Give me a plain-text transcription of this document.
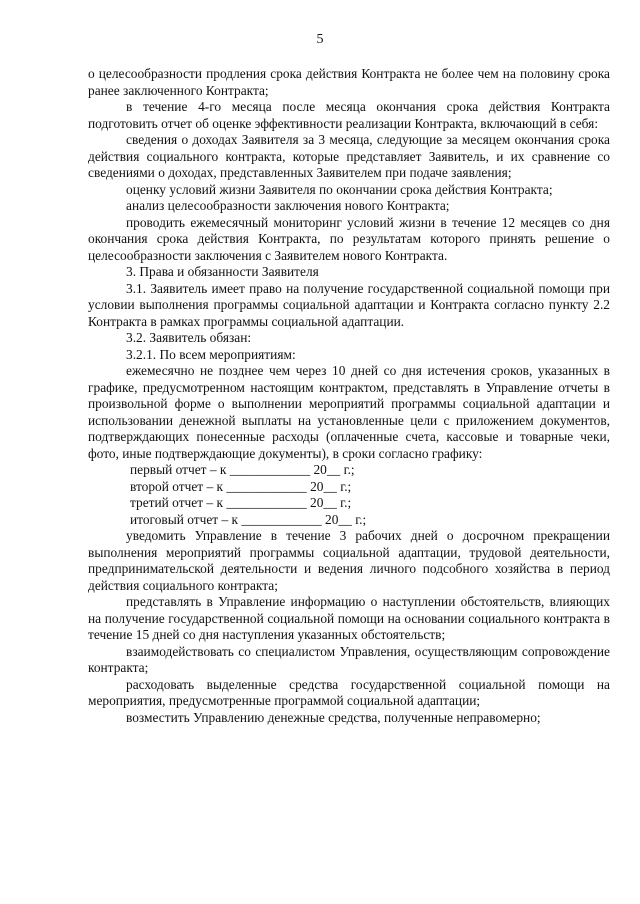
5

о целесообразности продления срока действия Контракта не более чем на половину срока ранее заключенного Контракта;

в течение 4-го месяца после месяца окончания срока действия Контракта подготовить отчет об оценке эффективности реализации Контракта, включающий в себя:

сведения о доходах Заявителя за 3 месяца, следующие за месяцем окончания срока действия социального контракта, которые представляет Заявитель, и их сравнение со сведениями о доходах, представленных Заявителем при подаче заявления;

оценку условий жизни Заявителя по окончании срока действия Контракта;

анализ целесообразности заключения нового Контракта;

проводить ежемесячный мониторинг условий жизни в течение 12 месяцев со дня окончания срока действия Контракта, по результатам которого принять решение о целесообразности заключения с Заявителем нового Контракта.

3. Права и обязанности Заявителя

3.1. Заявитель имеет право на получение государственной социальной помощи при условии выполнения программы социальной адаптации и Контракта согласно пункту 2.2 Контракта в рамках программы социальной адаптации.

3.2. Заявитель обязан:

3.2.1. По всем мероприятиям:

ежемесячно не позднее чем через 10 дней со дня истечения сроков, указанных в графике, предусмотренном настоящим контрактом, представлять в Управление отчеты в произвольной форме о выполнении мероприятий программы социальной адаптации и использовании денежной выплаты на установленные цели с приложением документов, подтверждающих понесенные расходы (оплаченные счета, кассовые и товарные чеки, фото, иные подтверждающие документы), в сроки согласно графику:

первый отчет – к ____________ 20__ г.;

второй отчет – к ____________ 20__ г.;

третий отчет – к ____________ 20__ г.;

итоговый отчет – к ____________ 20__ г.;

уведомить Управление в течение 3 рабочих дней о досрочном прекращении выполнения мероприятий программы социальной адаптации, трудовой деятельности, предпринимательской деятельности и ведения личного подсобного хозяйства в период действия социального контракта;

представлять в Управление информацию о наступлении обстоятельств, влияющих на получение государственной социальной помощи на основании социального контракта в течение 15 дней со дня наступления указанных обстоятельств;

взаимодействовать со специалистом Управления, осуществляющим сопровождение контракта;

расходовать выделенные средства государственной социальной помощи на мероприятия, предусмотренные программой социальной адаптации;

возместить Управлению денежные средства, полученные неправомерно;
